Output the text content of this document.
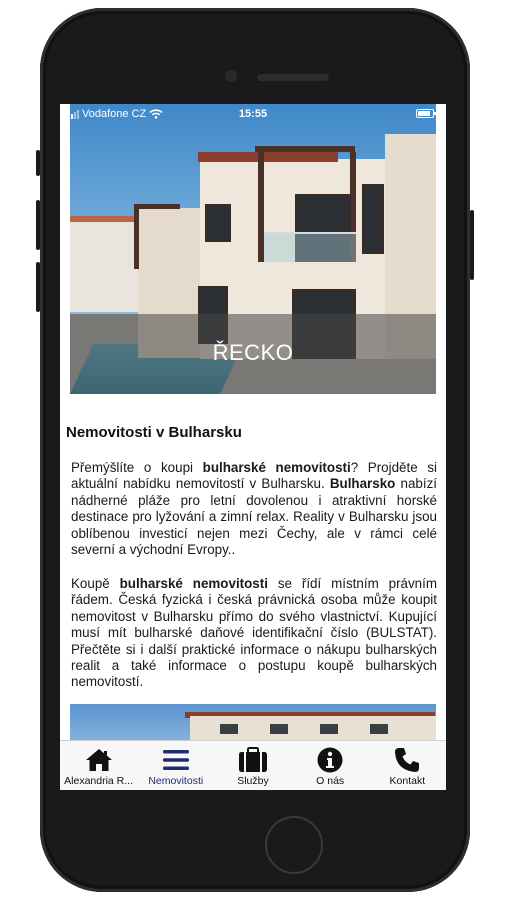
Vodafone CZ	15:55
ŘECKO
Nemovitosti v Bulharsku

Přemýšlíte o koupi bulharské nemovitosti? Projděte si aktuální nabídku nemovitostí v Bulharsku. Bulharsko nabízí nádherné pláže pro letní dovolenou i atraktivní horské destinace pro lyžování a zimní relax. Reality v Bulharsku jsou oblíbenou investicí nejen mezi Čechy, ale v rámci celé severní a východní Evropy..

Koupě bulharské nemovitosti se řídí místním právním řádem. Česká fyzická i česká právnická osoba může koupit nemovitost v Bulharsku přímo do svého vlastnictví. Kupující musí mít bulharské daňové identifikační číslo (BULSTAT). Přečtěte si i další praktické informace o nákupu bulharských realit a také informace o postupu koupě bulharských nemovitostí.

Alexandria R...	Nemovitosti	Služby	O nás	Kontakt
